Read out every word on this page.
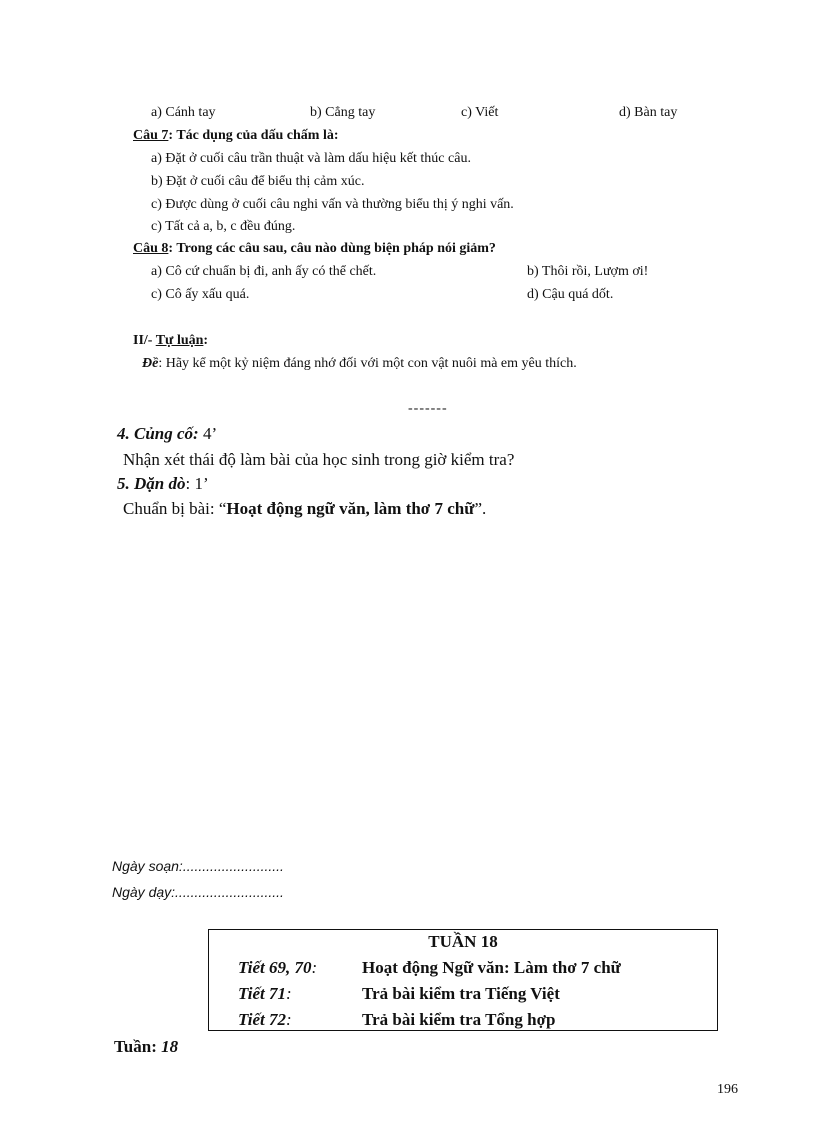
a) Cánh tay	b) Cẳng tay	c) Viết	d) Bàn tay
Câu 7: Tác dụng của dấu chấm là:
a) Đặt ở cuối câu trần thuật và làm dấu hiệu kết thúc câu.
b) Đặt ở cuối câu để biểu thị cảm xúc.
c) Được dùng ở cuối câu nghi vấn và thường biểu thị ý nghi vấn.
c) Tất cả a, b, c đều đúng.
Câu 8: Trong các câu sau, câu nào dùng biện pháp nói giảm?
a) Cô cứ chuẩn bị đi, anh ấy có thể chết.	b) Thôi rồi, Lượm ơi!
c) Cô ấy xấu quá.	d) Cậu quá dốt.
II/- Tự luận:
Đề: Hãy kể một kỷ niệm đáng nhớ đối với một con vật nuôi mà em yêu thích.
-------
4. Củng cố: 4’
Nhận xét thái độ làm bài của học sinh trong giờ kiểm tra?
5. Dặn dò: 1’
Chuẩn bị bài: “Hoạt động ngữ văn, làm thơ 7 chữ”.
Ngày soạn:..........................
Ngày dạy:............................
TUẦN 18
Tiết 69, 70:	Hoạt động Ngữ văn: Làm thơ 7 chữ
Tiết 71:	Trả bài kiểm tra Tiếng Việt
Tiết 72:	Trả bài kiểm tra Tổng hợp
Tuần: 18
196
